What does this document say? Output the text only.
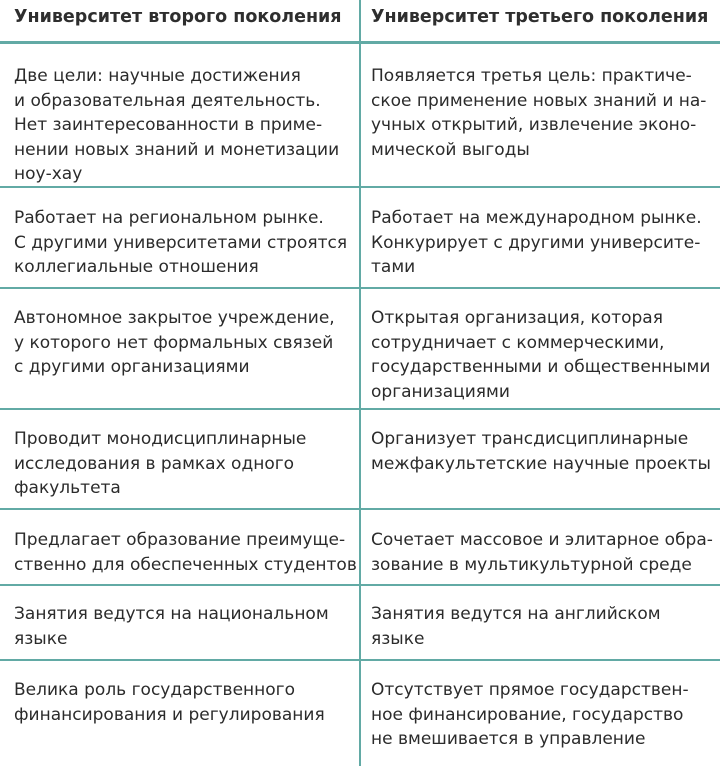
Университет второго поколения Университет третьего поколения
Две цели: научные достижения
и образовательная деятельность.
Нет заинтересованности в приме-
нении новых знаний и монетизации
ноу-хау
Появляется третья цель: практиче-
ское применение новых знаний и на-
учных открытий, извлечение эконо-
мической выгоды
Работает на региональном рынке.
С другими университетами строятся
коллегиальные отношения
Работает на международном рынке.
Конкурирует с другими университе-
тами
Автономное закрытое учреждение,
у которого нет формальных связей
с другими организациями
Открытая организация, которая
сотрудничает с коммерческими,
государственными и общественными
организациями
Проводит монодисциплинарные
исследования в рамках одного
факультета
Организует трансдисциплинарные
межфакультетские научные проекты
Предлагает образование преимуще-
ственно для обеспеченных студентов
Сочетает массовое и элитарное обра-
зование в мультикультурной среде
Занятия ведутся на национальном
языке
Занятия ведутся на английском
языке
Велика роль государственного
финансирования и регулирования
Отсутствует прямое государствен-
ное финансирование, государство
не вмешивается в управление
